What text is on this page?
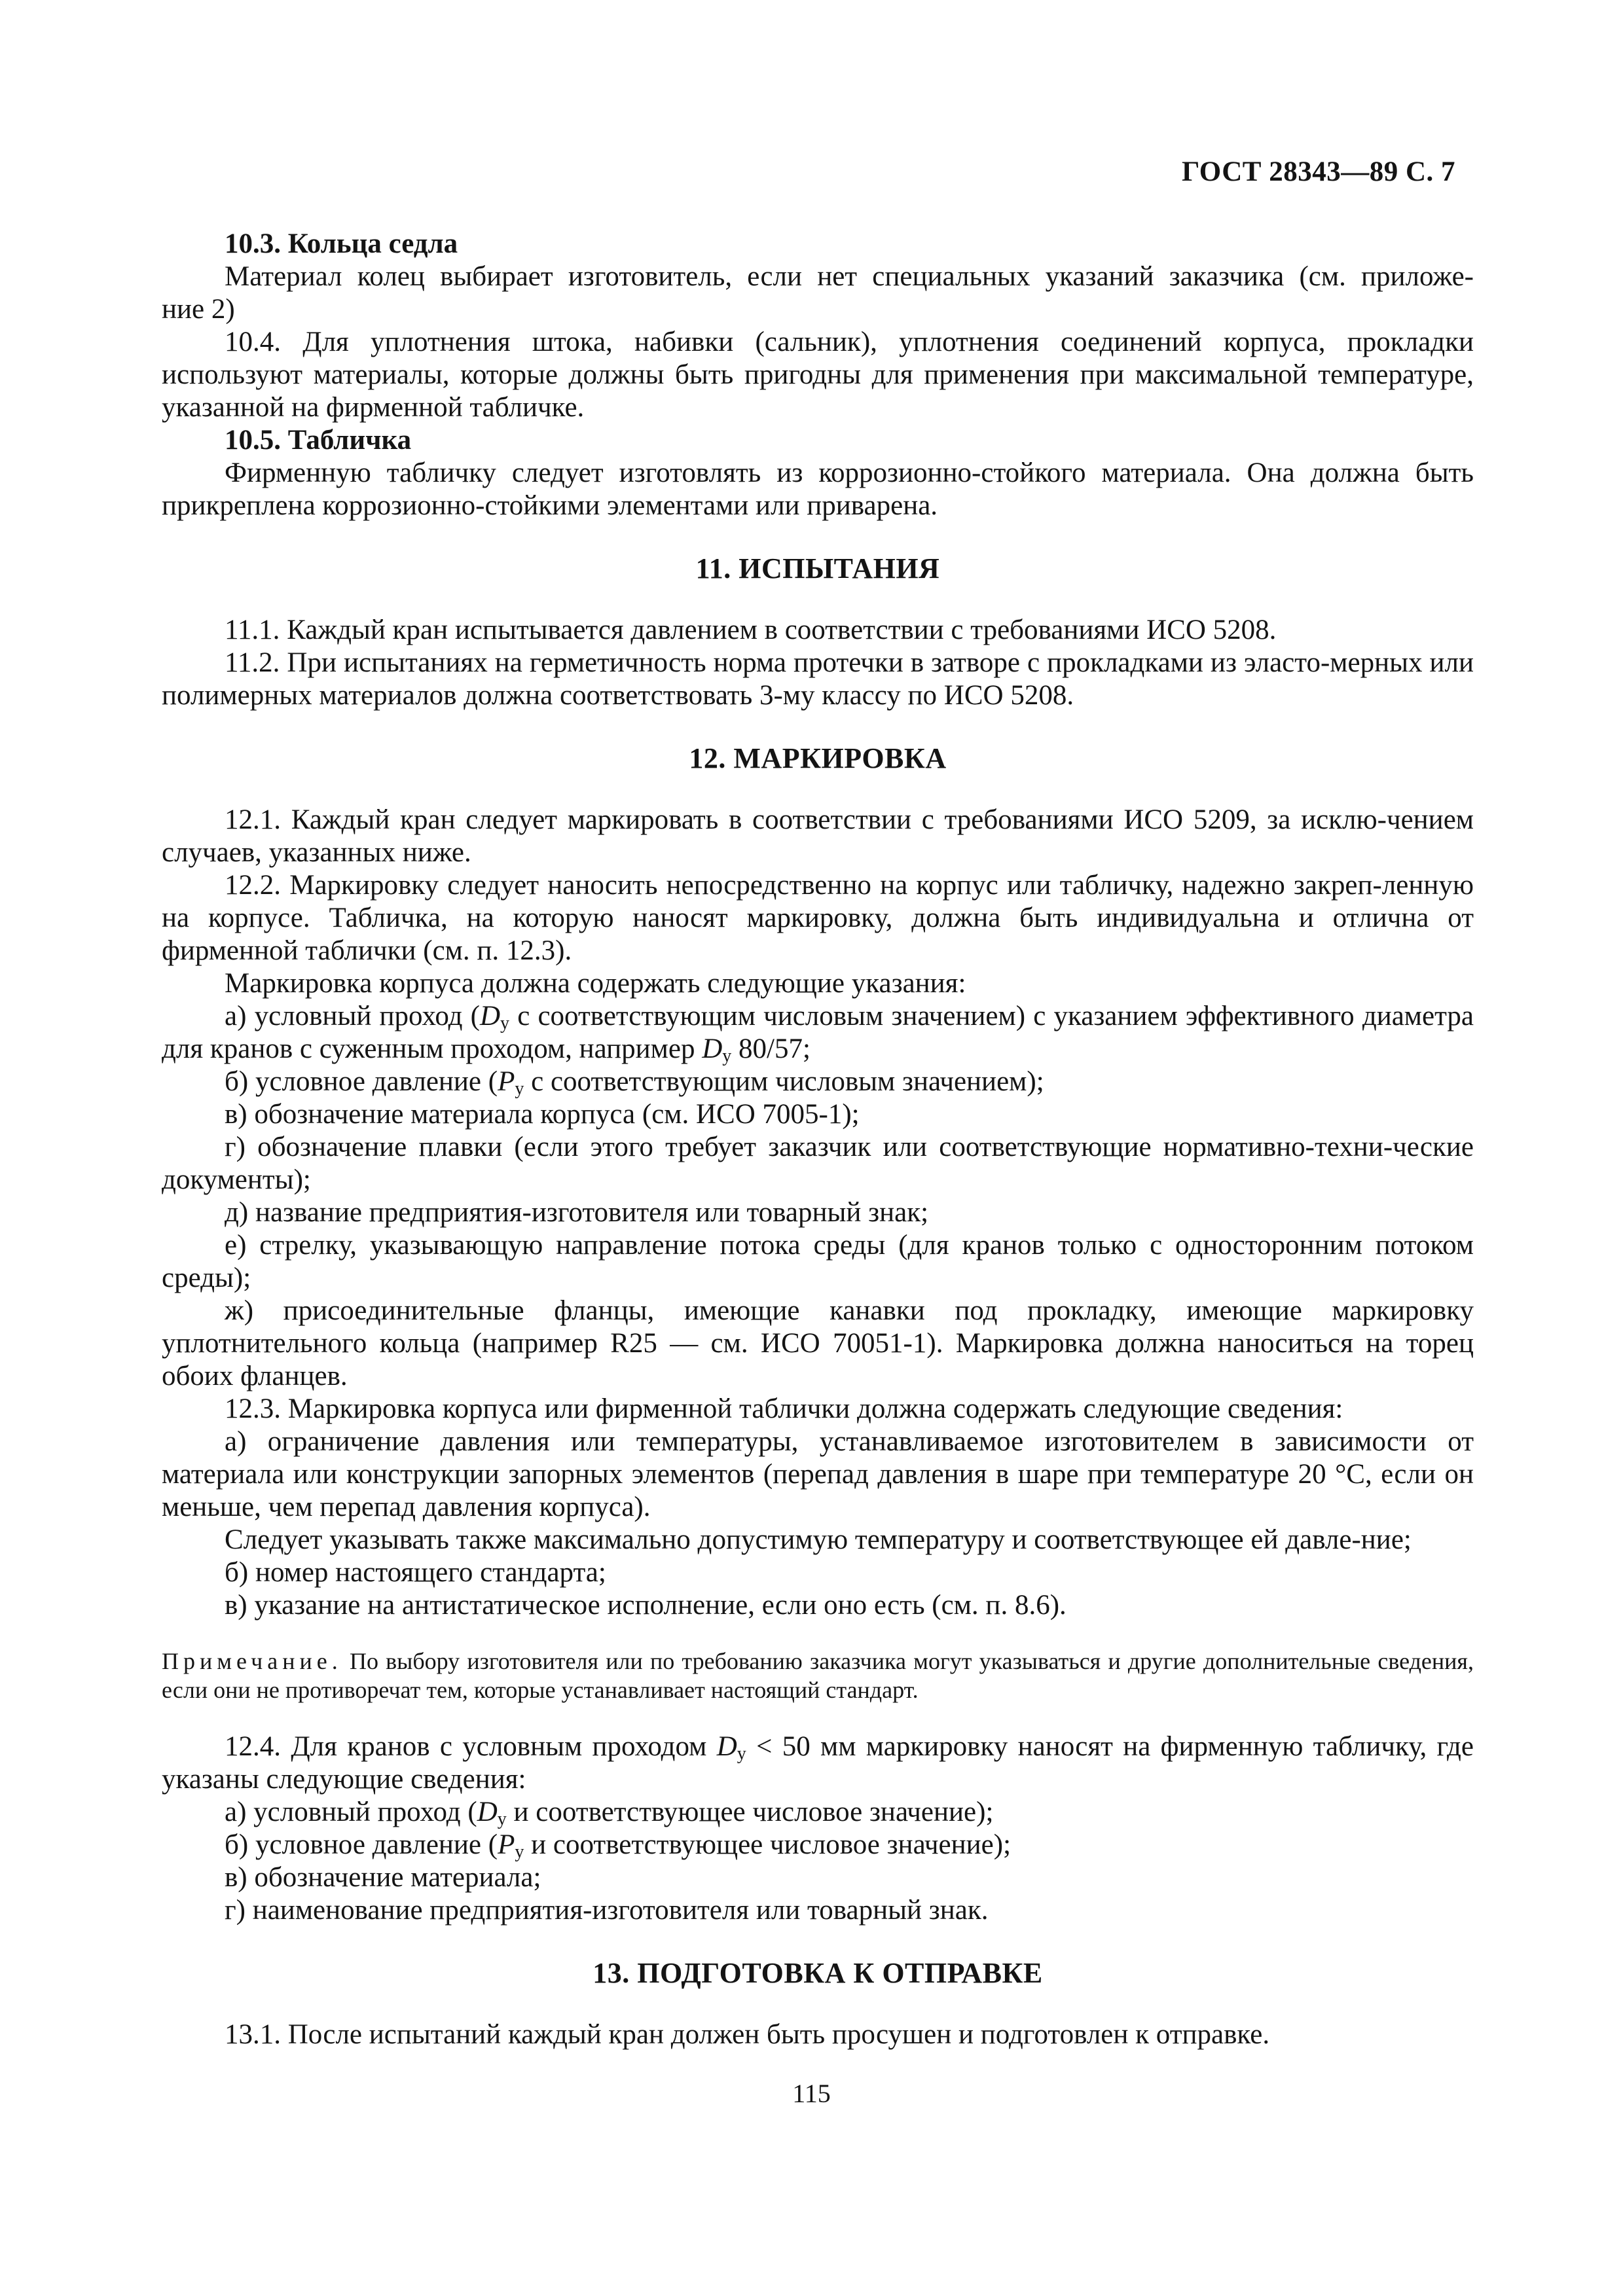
ГОСТ 28343—89 С. 7

10.3. Кольца седла

Материал колец выбирает изготовитель, если нет специальных указаний заказчика (см. приложе-

ние 2)

10.4. Для уплотнения штока, набивки (сальник), уплотнения соединений корпуса, прокладки используют материалы, которые должны быть пригодны для применения при максимальной температуре, указанной на фирменной табличке.

10.5. Табличка

Фирменную табличку следует изготовлять из коррозионно-стойкого материала. Она должна быть прикреплена коррозионно-стойкими элементами или приварена.

11. ИСПЫТАНИЯ

11.1. Каждый кран испытывается давлением в соответствии с требованиями ИСО 5208.

11.2. При испытаниях на герметичность норма протечки в затворе с прокладками из эласто-мерных или полимерных материалов должна соответствовать 3-му классу по ИСО 5208.

12. МАРКИРОВКА

12.1. Каждый кран следует маркировать в соответствии с требованиями ИСО 5209, за исклю-чением случаев, указанных ниже.

12.2. Маркировку следует наносить непосредственно на корпус или табличку, надежно закреп-ленную на корпусе. Табличка, на которую наносят маркировку, должна быть индивидуальна и отлична от фирменной таблички (см. п. 12.3).

Маркировка корпуса должна содержать следующие указания:

а) условный проход ($D_у$ с соответствующим числовым значением) с указанием эффективного диаметра для кранов с суженным проходом, например $D_у$ 80/57;

б) условное давление ($P_у$ с соответствующим числовым значением);

в) обозначение материала корпуса (см. ИСО 7005-1);

г) обозначение плавки (если этого требует заказчик или соответствующие нормативно-техни-ческие документы);

д) название предприятия-изготовителя или товарный знак;

е) стрелку, указывающую направление потока среды (для кранов только с односторонним потоком среды);

ж) присоединительные фланцы, имеющие канавки под прокладку, имеющие маркировку уплотнительного кольца (например R25 — см. ИСО 70051-1). Маркировка должна наноситься на торец обоих фланцев.

12.3. Маркировка корпуса или фирменной таблички должна содержать следующие сведения:

а) ограничение давления или температуры, устанавливаемое изготовителем в зависимости от материала или конструкции запорных элементов (перепад давления в шаре при температуре 20 °С, если он меньше, чем перепад давления корпуса).

Следует указывать также максимально допустимую температуру и соответствующее ей давле-ние;

б) номер настоящего стандарта;

в) указание на антистатическое исполнение, если оно есть (см. п. 8.6).

Примечание. По выбору изготовителя или по требованию заказчика могут указываться и другие дополнительные сведения, если они не противоречат тем, которые устанавливает настоящий стандарт.

12.4. Для кранов с условным проходом $D_у < 50$ мм маркировку наносят на фирменную табличку, где указаны следующие сведения:

а) условный проход ($D_у$ и соответствующее числовое значение);

б) условное давление ($P_у$ и соответствующее числовое значение);

в) обозначение материала;

г) наименование предприятия-изготовителя или товарный знак.

13. ПОДГОТОВКА К ОТПРАВКЕ

13.1. После испытаний каждый кран должен быть просушен и подготовлен к отправке.

115
